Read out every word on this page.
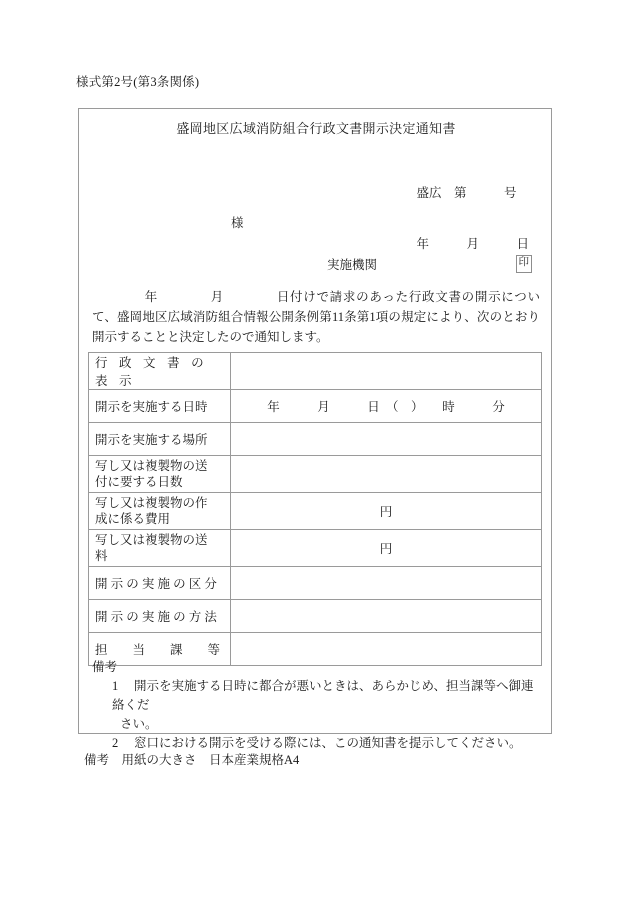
様式第2号(第3条関係)
盛岡地区広域消防組合行政文書開示決定通知書

盛広　第　　　号

年　　　月　　　日

様
実施機関	印
年　　　　月　　　　日付けで請求のあった行政文書の開示について、盛岡地区広域消防組合情報公開条例第11条第1項の規定により、次のとおり開示することと決定したので通知します。
行 政 文 書 の 表 示	
開示を実施する日時	年　　　月　　　日　（　）　　時　　　分
開示を実施する場所	

写し又は複製物の送
付に要する日数	

写し又は複製物の作
成に係る費用	円

写し又は複製物の送
料	円
開 示 の 実 施 の 区 分	
開 示 の 実 施 の 方 法	
担　　当　　課　　等	
備考
1 開示を実施する日時に都合が悪いときは、あらかじめ、担当課等へ御連絡くだ
さい。
2 窓口における開示を受ける際には、この通知書を提示してください。
備考　用紙の大きさ　日本産業規格A4
